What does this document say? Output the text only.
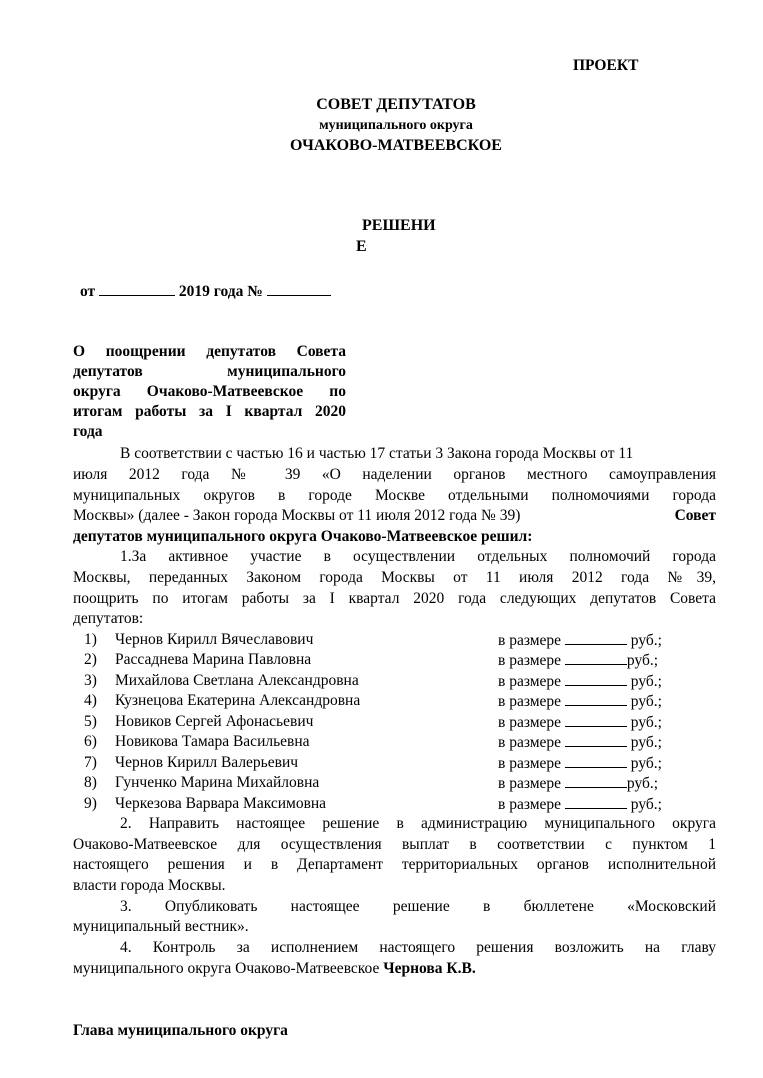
ПРОЕКТ
СОВЕТ ДЕПУТАТОВ
муниципального округа
ОЧАКОВО-МАТВЕЕВСКОЕ
РЕШЕНИ
Е
от	2019 года №
О поощрении депутатов Совета
депутатов муниципального
округа Очаково-Матвеевское по
итогам работы за I квартал 2020
года
В соответствии с частью 16 и частью 17 статьи 3 Закона города Москвы от 11
июля 2012 года № 39 «О наделении органов местного самоуправления
муниципальных округов в городе Москве отдельными полномочиями города
Москвы» (далее - Закон города Москвы от 11 июля 2012 года № 39)	Совет
депутатов муниципального округа Очаково-Матвеевское решил:
1.За активное участие в осуществлении отдельных полномочий города
Москвы, переданных Законом города Москвы от 11 июля 2012 года №39,
поощрить по итогам работы за I квартал 2020 года следующих депутатов Совета
депутатов:
1) Чернов Кирилл Вячеславович	в размере	руб.;
2) Рассаднева Марина Павловна	в размере	руб.;
3) Михайлова Светлана Александровна	в размере	руб.;
4) Кузнецова Екатерина Александровна	в размере	руб.;
5) Новиков Сергей Афонасьевич	в размере	руб.;
6) Новикова Тамара Васильевна	в размере	руб.;
7) Чернов Кирилл Валерьевич	в размере	руб.;
8) Гунченко Марина Михайловна	в размере	руб.;
9) Черкезова Варвара Максимовна	в размере	руб.;
2. Направить настоящее решение в администрацию муниципального округа
Очаково-Матвеевское для осуществления выплат в соответствии с пунктом 1
настоящего решения и в Департамент территориальных органов исполнительной
власти города Москвы.
3. Опубликовать настоящее решение в бюллетене «Московский
муниципальный вестник».
4. Контроль за исполнением настоящего решения возложить на главу
муниципального округа Очаково-Матвеевское Чернова К.В.
Глава муниципального округа
